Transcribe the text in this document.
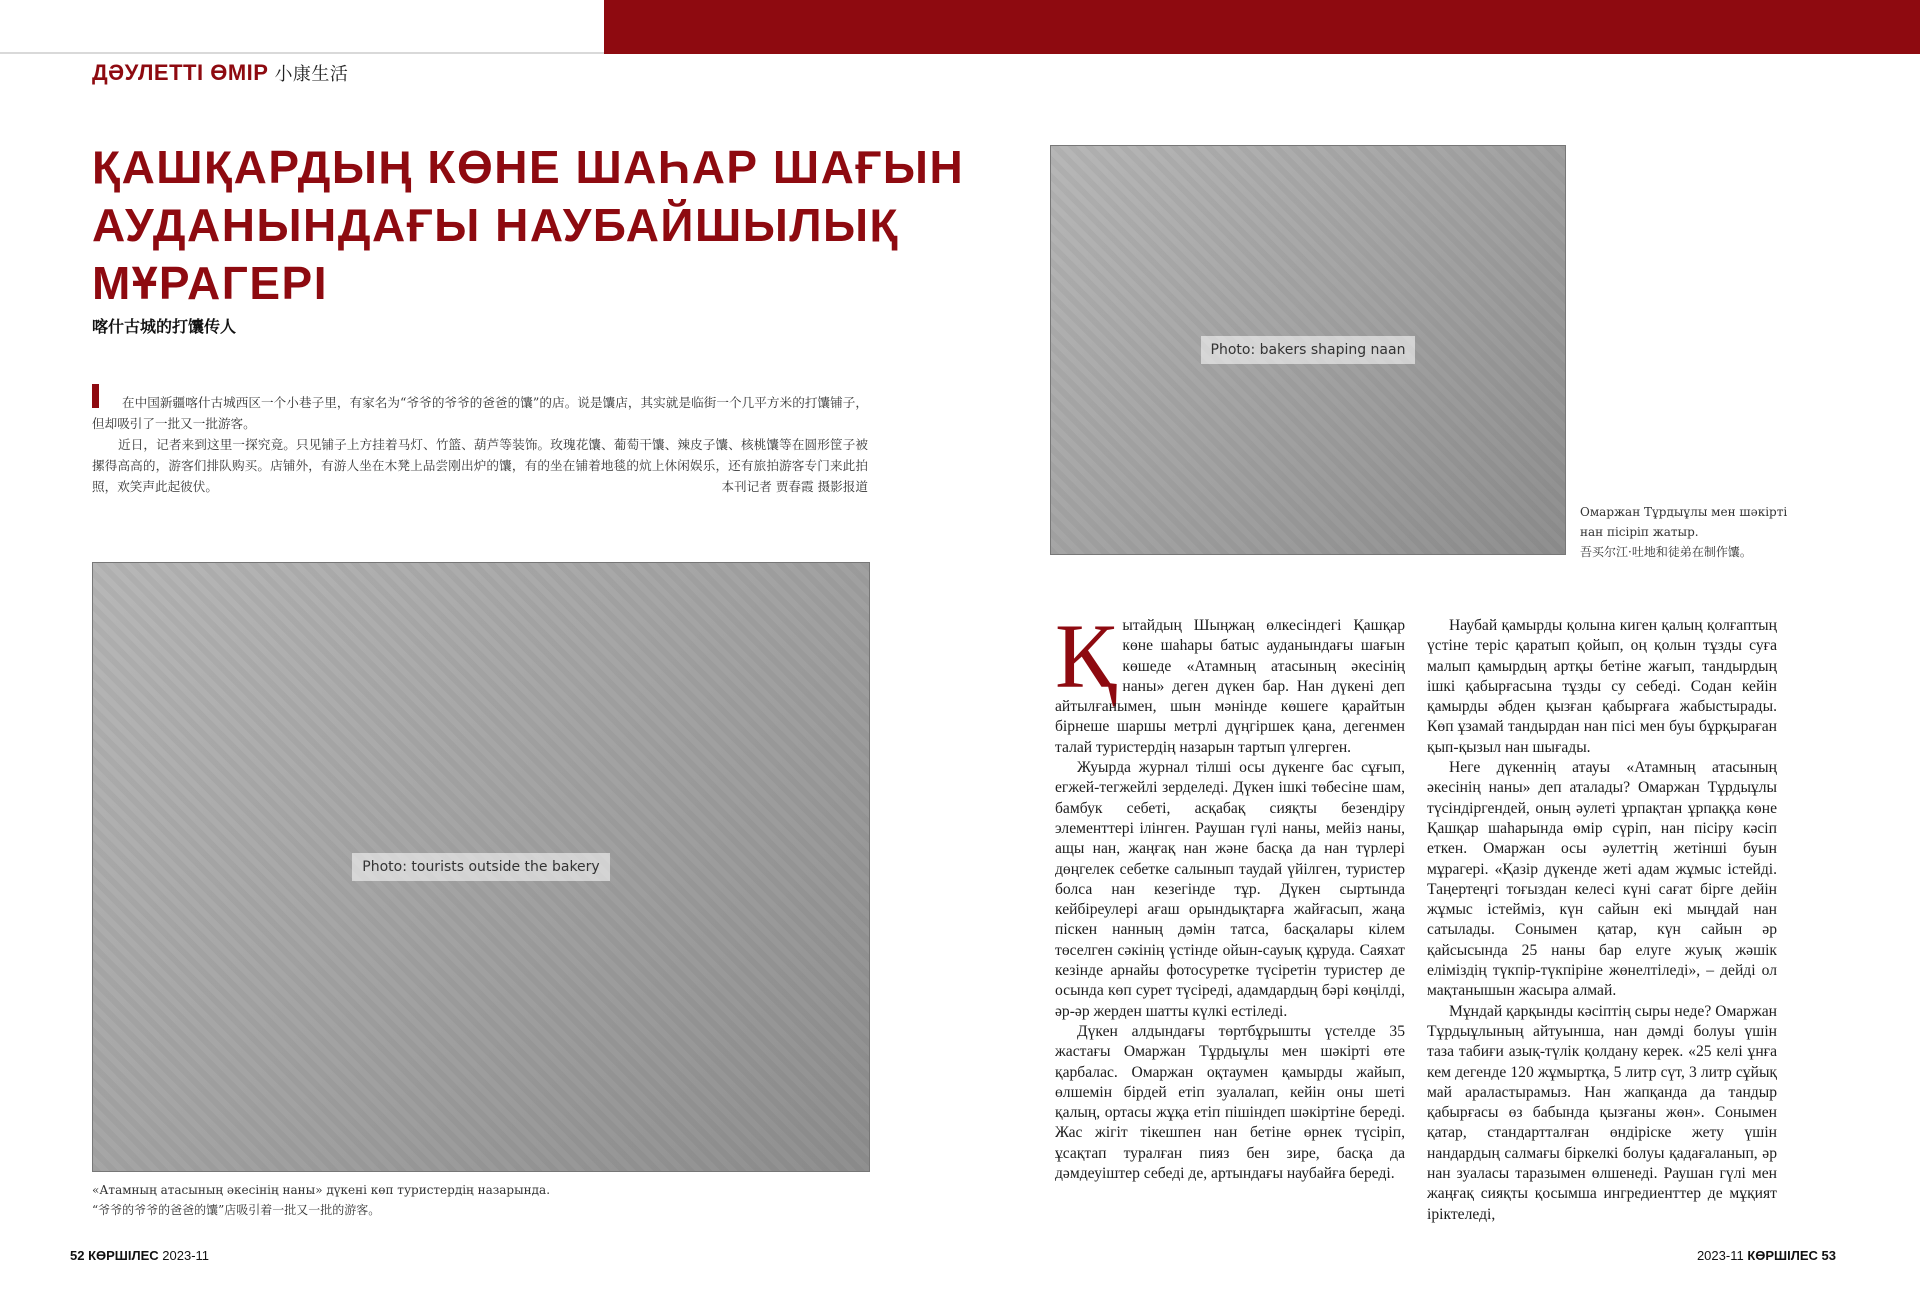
ДӘУЛЕТТІ ӨМІР 小康生活
ҚАШҚАРДЫҢ КӨНЕ ШАҺАР ШАҒЫН
АУДАНЫНДАҒЫ НАУБАЙШЫЛЫҚ
МҰРАГЕРІ
喀什古城的打馕传人

在中国新疆喀什古城西区一个小巷子里，有家名为“爷爷的爷爷的爸爸的馕”的店。说是馕店，其实就是临街一个几平方米的打馕铺子，但却吸引了一批又一批游客。

近日，记者来到这里一探究竟。只见铺子上方挂着马灯、竹篮、葫芦等装饰。玫瑰花馕、葡萄干馕、辣皮子馕、核桃馕等在圆形筐子被摞得高高的，游客们排队购买。店铺外，有游人坐在木凳上品尝刚出炉的馕，有的坐在铺着地毯的炕上休闲娱乐，还有旅拍游客专门来此拍照，欢笑声此起彼伏。	本刊记者 贾春霞 摄影报道

Photo: tourists outside the bakery
«Атамның атасының әкесінің наны» дүкені көп туристердің назарында.
“爷爷的爷爷的爸爸的馕”店吸引着一批又一批的游客。
Photo: bakers shaping naan
Омаржан Тұрдыұлы мен шәкірті
нан пісіріп жатыр.
吾买尔江·吐地和徒弟在制作馕。

Қытайдың Шыңжаң өлкесіндегі Қашқар көне шаһары батыс ауданындағы шағын көшеде «Атамның атасының әкесінің наны» деген дүкен бар. Нан дүкені деп айтылғанымен, шын мәнінде көшеге қарайтын бірнеше шаршы метрлі дүңгіршек қана, дегенмен талай туристердің назарын тартып үлгерген.

Жуырда журнал тілші осы дүкенге бас сұғып, егжей-тегжейлі зерделеді. Дүкен ішкі төбесіне шам, бамбук себеті, асқабақ сияқты безендіру элементтері ілінген. Раушан гүлі наны, мейіз наны, ащы нан, жаңғақ нан және басқа да нан түрлері дөңгелек себетке салынып таудай үйілген, туристер болса нан кезегінде тұр. Дүкен сыртында кейбіреулері ағаш орындықтарға жайғасып, жаңа піскен нанның дәмін татса, басқалары кілем төселген сәкінің үстінде ойын-сауық құруда. Саяхат кезінде арнайы фотосуретке түсіретін туристер де осында көп сурет түсіреді, адамдардың бәрі көңілді, әр-әр жерден шатты күлкі естіледі.

Дүкен алдындағы төртбұрышты үстелде 35 жастағы Омаржан Тұрдыұлы мен шәкірті өте қарбалас. Омаржан оқтаумен қамырды жайып, өлшемін бірдей етіп зуалалап, кейін оны шеті қалың, ортасы жұқа етіп пішіндеп шәкіртіне береді. Жас жігіт тікешпен нан бетіне өрнек түсіріп, ұсақтап туралған пияз бен зире, басқа да дәмдеуіштер себеді де, артындағы наубайға береді.

Наубай қамырды қолына киген қалың қолғаптың үстіне теріс қаратып қойып, оң қолын тұзды суға малып қамырдың артқы бетіне жағып, тандырдың ішкі қабырғасына тұзды су себеді. Содан кейін қамырды әбден қызған қабырғаға жабыстырады. Көп ұзамай тандырдан нан пісі мен буы бұрқыраған қып-қызыл нан шығады.

Неге дүкеннің атауы «Атамның атасының әкесінің наны» деп аталады? Омаржан Тұрдыұлы түсіндіргендей, оның әулеті ұрпақтан ұрпаққа көне Қашқар шаһарында өмір сүріп, нан пісіру кәсіп еткен. Омаржан осы әулеттің жетінші буын мұрагері. «Қазір дүкенде жеті адам жұмыс істейді. Таңертеңгі тоғыздан келесі күні сағат бірге дейін жұмыс істейміз, күн сайын екі мыңдай нан сатылады. Сонымен қатар, күн сайын әр қайсысында 25 наны бар елуге жуық жәшік еліміздің түкпір-түкпіріне жөнелтіледі», – дейді ол мақтанышын жасыра алмай.

Мұндай қарқынды кәсіптің сыры неде? Омаржан Тұрдыұлының айтуынша, нан дәмді болуы үшін таза табиғи азық-түлік қолдану керек. «25 келі ұнға кем дегенде 120 жұмыртқа, 5 литр сүт, 3 литр сұйық май араластырамыз. Нан жапқанда да тандыр қабырғасы өз бабында қызғаны жөн». Сонымен қатар, стандартталған өндіріске жету үшін нандардың салмағы біркелкі болуы қадағаланып, әр нан зуаласы таразымен өлшенеді. Раушан гүлі мен жаңғақ сияқты қосымша ингредиенттер де мұқият іріктеледі,

52 КӨРШІЛЕС 2023-11	2023-11 КӨРШІЛЕС 53
